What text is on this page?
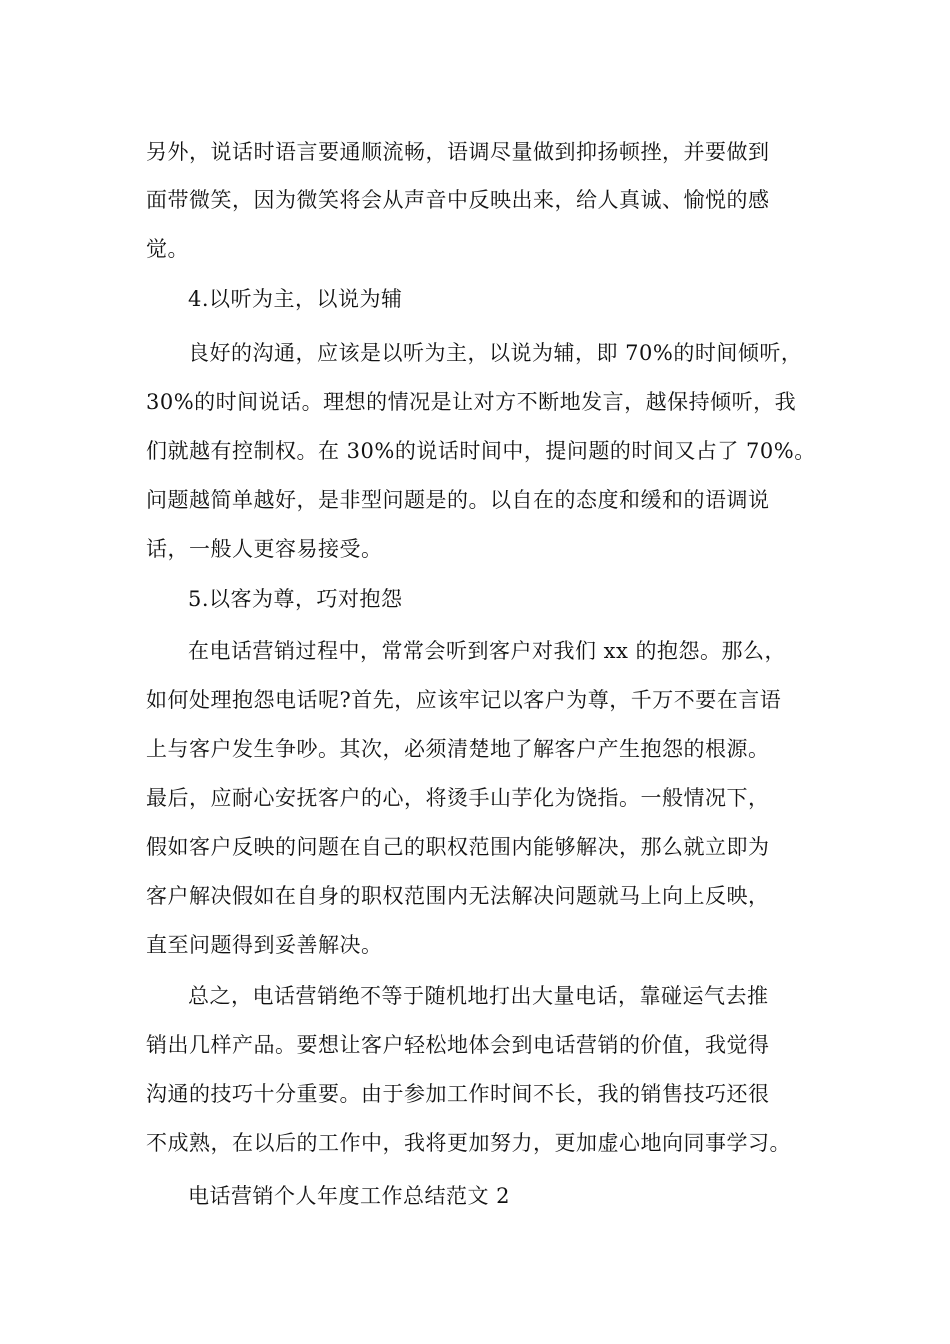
另外，说话时语言要通顺流畅，语调尽量做到抑扬顿挫，并要做到
面带微笑，因为微笑将会从声音中反映出来，给人真诚、愉悦的感
觉。
4.以听为主，以说为辅
良好的沟通，应该是以听为主，以说为辅，即 70%的时间倾听，
30%的时间说话。理想的情况是让对方不断地发言，越保持倾听，我
们就越有控制权。在 30%的说话时间中，提问题的时间又占了 70%。
问题越简单越好，是非型问题是的。以自在的态度和缓和的语调说
话，一般人更容易接受。
5.以客为尊，巧对抱怨
在电话营销过程中，常常会听到客户对我们 xx 的抱怨。那么，
如何处理抱怨电话呢?首先，应该牢记以客户为尊，千万不要在言语
上与客户发生争吵。其次，必须清楚地了解客户产生抱怨的根源。
最后，应耐心安抚客户的心，将烫手山芋化为饶指。一般情况下，
假如客户反映的问题在自己的职权范围内能够解决，那么就立即为
客户解决假如在自身的职权范围内无法解决问题就马上向上反映，
直至问题得到妥善解决。
总之，电话营销绝不等于随机地打出大量电话，靠碰运气去推
销出几样产品。要想让客户轻松地体会到电话营销的价值，我觉得
沟通的技巧十分重要。由于参加工作时间不长，我的销售技巧还很
不成熟，在以后的工作中，我将更加努力，更加虚心地向同事学习。
电话营销个人年度工作总结范文 2
